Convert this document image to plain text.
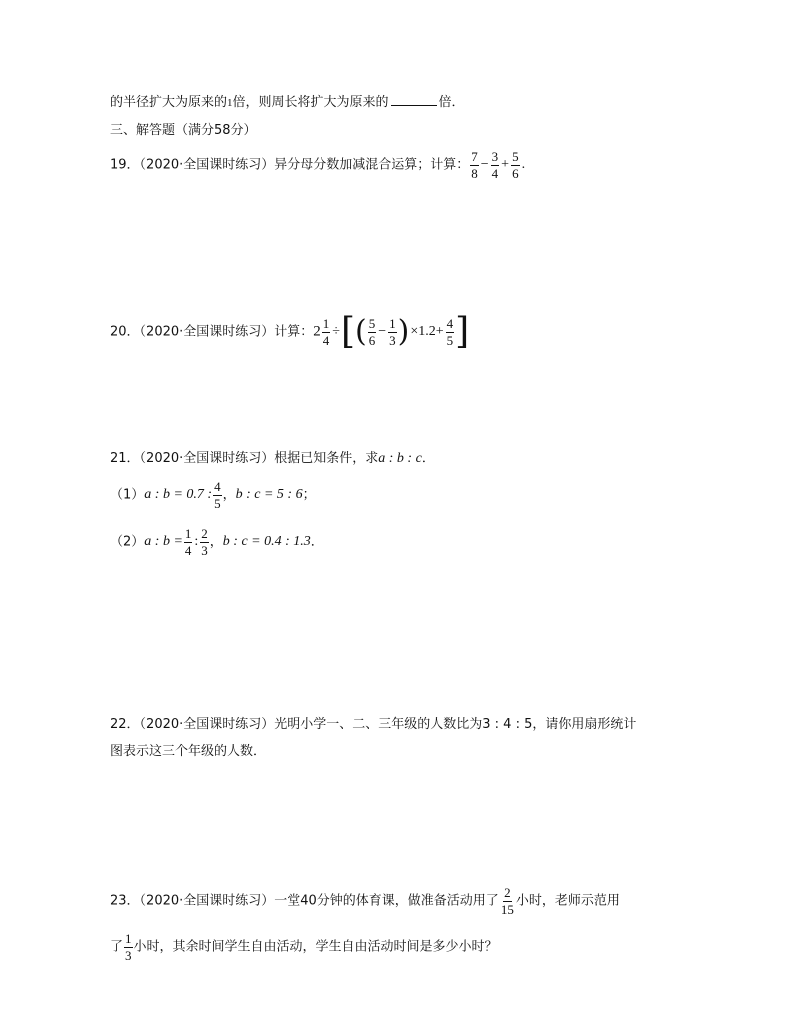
的半径扩大为原来的1倍，则周长将扩大为原来的	倍．
三、解答题（满分58分）
19．（2020·全国课时练习）异分母分数加减混合运算；计算： $\frac{7}{8} - \frac{3}{4} + \frac{5}{6}$ .
20．（2020·全国课时练习）计算：$2 \frac{1}{4}$ ÷[( $\frac{5}{6} - \frac{1}{3} )\times 1.2+ \frac{4}{5}$ ]
21．（2020·全国课时练习）根据已知条件，求a : b : c．
（1）a : b = 0.7 : $\frac{4}{5}$ ，b : c = 5 : 6；
（2）a : $b = \frac{1}{4}$ : $\frac{2}{3}$ ，b : c = 0.4 : 1.3．
22．（2020·全国课时练习）光明小学一、二、三年级的人数比为3 : 4 : 5，请你用扇形统计
图表示这三个年级的人数．
23．（2020·全国课时练习）一堂40分钟的体育课，做准备活动用了 $\frac{2}{15}$ 小时，老师示范用
了 $\frac{1}{3}$ 小时，其余时间学生自由活动，学生自由活动时间是多少小时？
